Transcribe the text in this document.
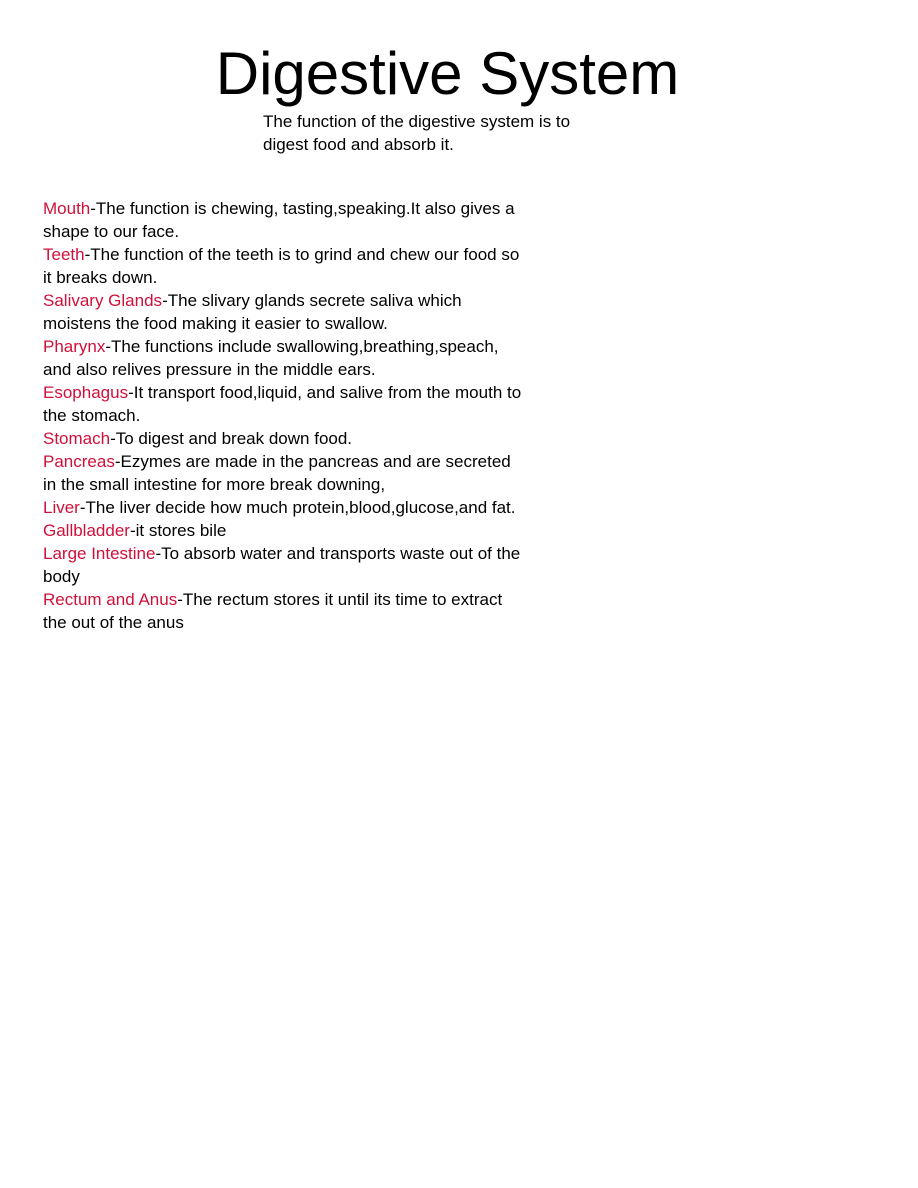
Digestive System

The function of the digestive system is to
digest food and absorb it.

Mouth-The function is chewing, tasting,speaking.It also gives a
shape to our face.
Teeth-The function of the teeth is to grind and chew our food so
it breaks down.
Salivary Glands-The slivary glands secrete saliva which
moistens the food making it easier to swallow.
Pharynx-The functions include swallowing,breathing,speach,
and also relives pressure in the middle ears.
Esophagus-It transport food,liquid, and salive from the mouth to
the stomach.
Stomach-To digest and break down food.
Pancreas-Ezymes are made in the pancreas and are secreted
in the small intestine for more break downing,
Liver-The liver decide how much protein,blood,glucose,and fat.
Gallbladder-it stores bile
Large Intestine-To absorb water and transports waste out of the
body
Rectum and Anus-The rectum stores it until its time to extract
the out of the anus
